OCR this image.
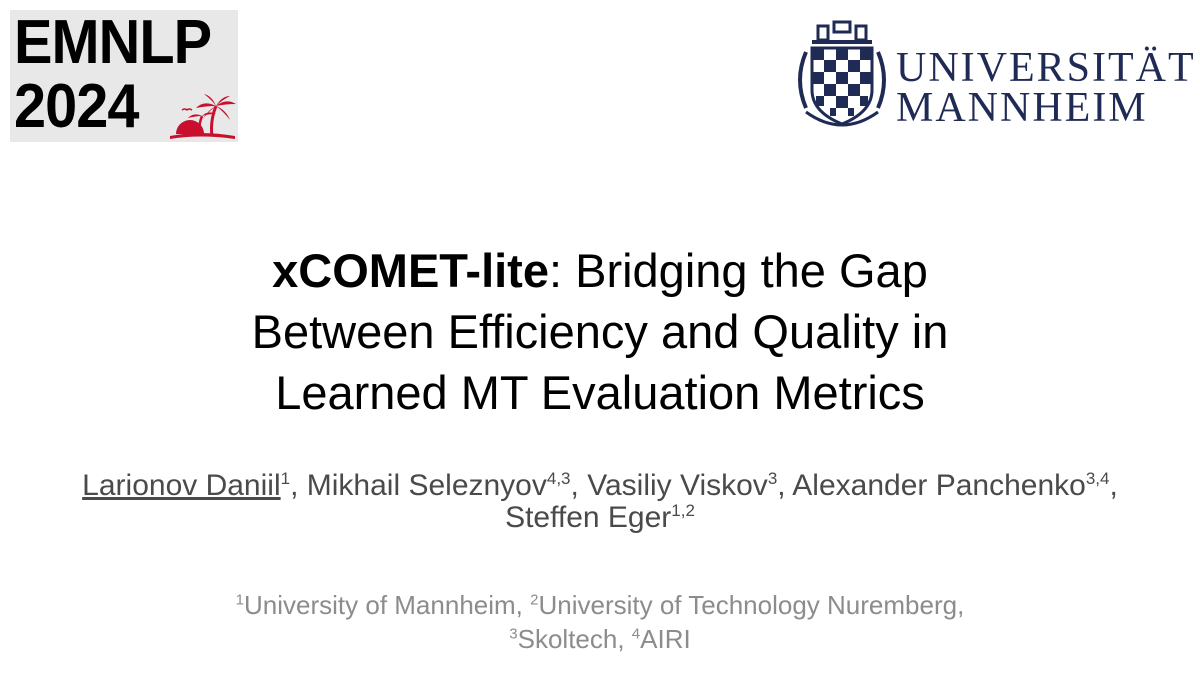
EMNLP
2024
UNIVERSITÄT
MANNHEIM
xCOMET-lite: Bridging the Gap
Between Efficiency and Quality in
Learned MT Evaluation Metrics
Larionov Daniil$^1$, Mikhail Seleznyov$^{4,3}$, Vasiliy Viskov$^3$, Alexander Panchenko$^{3,4}$, Steffen Eger$^{1,2}$
$^1$University of Mannheim, $^2$University of Technology Nuremberg,
$^3$Skoltech, $^4$AIRI
